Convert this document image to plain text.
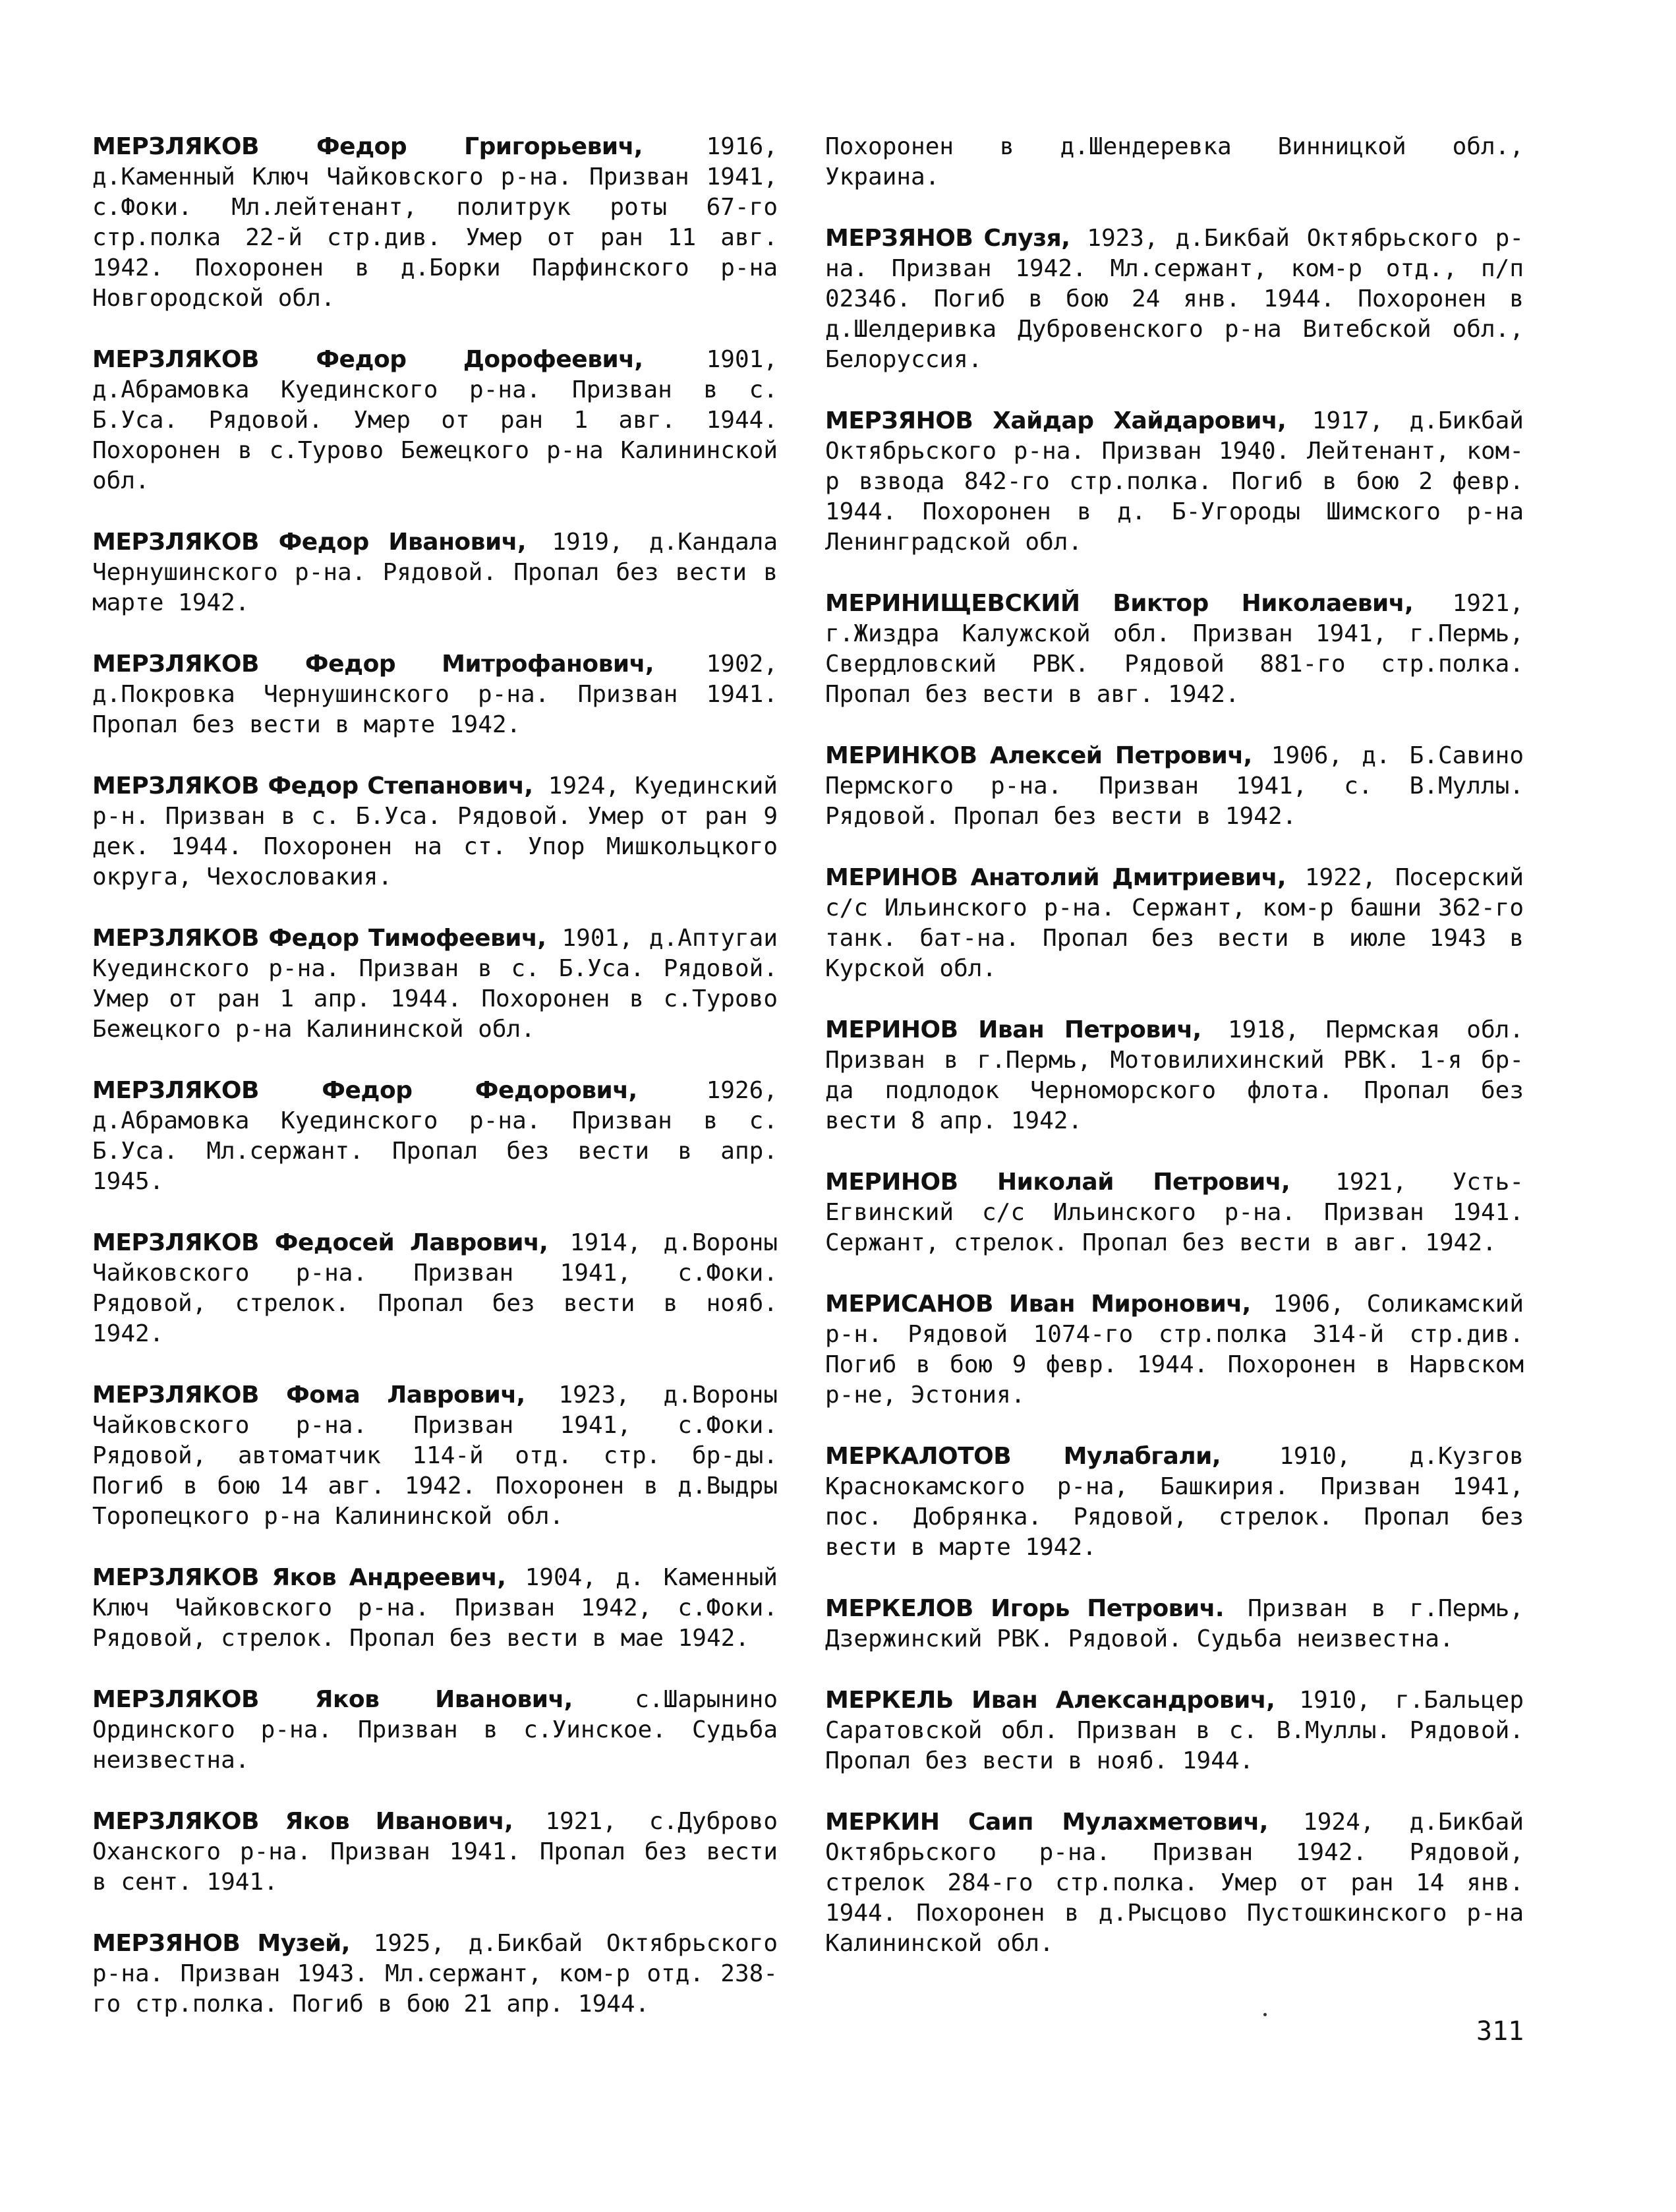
МЕРЗЛЯКОВ Федор Григорьевич,	1916, д.Каменный Ключ Чайковского р-на. Призван 1941, с.Фоки. Мл.лейтенант, политрук роты 67-го стр.полка 22-й стр.див. Умер от ран 11 авг. 1942. Похоронен в д.Борки Парфинского р-на Новгородской обл.

МЕРЗЛЯКОВ Федор Дорофеевич,	1901, д.Абрамовка Куединского р-на. Призван в с. Б.Уса. Рядовой. Умер от ран 1 авг. 1944. Похоронен в с.Турово Бежецкого р-на Калининской обл.

МЕРЗЛЯКОВ Федор Иванович, 1919, д.Кандала Чернушинского р-на. Рядовой. Пропал без вести в марте 1942.

МЕРЗЛЯКОВ Федор Митрофанович, 1902, д.Покровка Чернушинского р-на. Призван 1941. Пропал без вести в марте 1942.

МЕРЗЛЯКОВ Федор Степанович, 1924, Куединский р-н. Призван в с. Б.Уса. Рядовой. Умер от ран 9 дек. 1944. Похоронен на ст. Упор Мишкольцкого округа, Чехословакия.

МЕРЗЛЯКОВ Федор Тимофеевич, 1901, д.Аптугаи Куединского р-на. Призван в с. Б.Уса. Рядовой. Умер от ран 1 апр. 1944. Похоронен в с.Турово Бежецкого р-на Калининской обл.

МЕРЗЛЯКОВ Федор Федорович,	1926, д.Абрамовка Куединского р-на. Призван в с. Б.Уса. Мл.сержант. Пропал без вести в апр. 1945.

МЕРЗЛЯКОВ Федосей Лаврович, 1914, д.Вороны Чайковского р-на. Призван 1941, с.Фоки. Рядовой, стрелок. Пропал без вести в нояб. 1942.

МЕРЗЛЯКОВ Фома Лаврович, 1923, д.Вороны Чайковского р-на. Призван 1941, с.Фоки. Рядовой, автоматчик 114-й отд. стр. бр-ды. Погиб в бою 14 авг. 1942. Похоронен в д.Выдры Торопецкого р-на Калининской обл.

МЕРЗЛЯКОВ Яков Андреевич, 1904, д. Каменный Ключ Чайковского р-на. Призван 1942, с.Фоки. Рядовой, стрелок. Пропал без вести в мае 1942.

МЕРЗЛЯКОВ Яков Иванович,	с.Шарынино Ординского р-на. Призван в с.Уинское. Судьба неизвестна.

МЕРЗЛЯКОВ Яков Иванович, 1921, с.Дуброво Оханского р-на. Призван 1941. Пропал без вести в сент. 1941.

МЕРЗЯНОВ Музей, 1925, д.Бикбай Октябрьского р-на. Призван 1943. Мл.сержант, ком-р отд. 238-го стр.полка. Погиб в бою 21 апр. 1944.

Похоронен в д.Шендеревка Винницкой обл., Украина.

МЕРЗЯНОВ Слузя, 1923, д.Бикбай Октябрьского р-на. Призван 1942. Мл.сержант, ком-р отд., п/п 02346. Погиб в бою 24 янв. 1944. Похоронен в д.Шелдеривка Дубровенского р-на Витебской обл., Белоруссия.

МЕРЗЯНОВ Хайдар Хайдарович, 1917, д.Бикбай Октябрьского р-на. Призван 1940. Лейтенант, ком-р взвода 842-го стр.полка. Погиб в бою 2 февр. 1944. Похоронен в д. Б-Угороды Шимского р-на Ленинградской обл.

МЕРИНИЩЕВСКИЙ Виктор Николаевич, 1921, г.Жиздра Калужской обл. Призван 1941, г.Пермь, Свердловский РВК. Рядовой 881-го стр.полка. Пропал без вести в авг. 1942.

МЕРИНКОВ Алексей Петрович, 1906, д. Б.Савино Пермского р-на. Призван 1941, с. В.Муллы. Рядовой. Пропал без вести в 1942.

МЕРИНОВ Анатолий Дмитриевич, 1922, Посерский с/с Ильинского р-на. Сержант, ком-р башни 362-го танк. бат-на. Пропал без вести в июле 1943 в Курской обл.

МЕРИНОВ Иван Петрович, 1918, Пермская обл. Призван в г.Пермь, Мотовилихинский РВК. 1-я бр-да подлодок Черноморского флота. Пропал без вести 8 апр. 1942.

МЕРИНОВ Николай Петрович, 1921, Усть-Егвинский с/с Ильинского р-на. Призван 1941. Сержант, стрелок. Пропал без вести в авг. 1942.

МЕРИСАНОВ Иван Миронович, 1906, Соликамский р-н. Рядовой 1074-го стр.полка 314-й стр.див. Погиб в бою 9 февр. 1944. Похоронен в Нарвском р-не, Эстония.

МЕРКАЛОТОВ Мулабгали, 1910, д.Кузгов Краснокамского р-на, Башкирия. Призван 1941, пос. Добрянка. Рядовой, стрелок. Пропал без вести в марте 1942.

МЕРКЕЛОВ Игорь Петрович. Призван в г.Пермь, Дзержинский РВК. Рядовой. Судьба неизвестна.

МЕРКЕЛЬ Иван Александрович, 1910, г.Бальцер Саратовской обл. Призван в с. В.Муллы. Рядовой. Пропал без вести в нояб. 1944.

МЕРКИН Саип Мулахметович, 1924, д.Бикбай Октябрьского р-на. Призван 1942. Рядовой, стрелок 284-го стр.полка. Умер от ран 14 янв. 1944. Похоронен в д.Рысцово Пустошкинского р-на Калининской обл.

311
